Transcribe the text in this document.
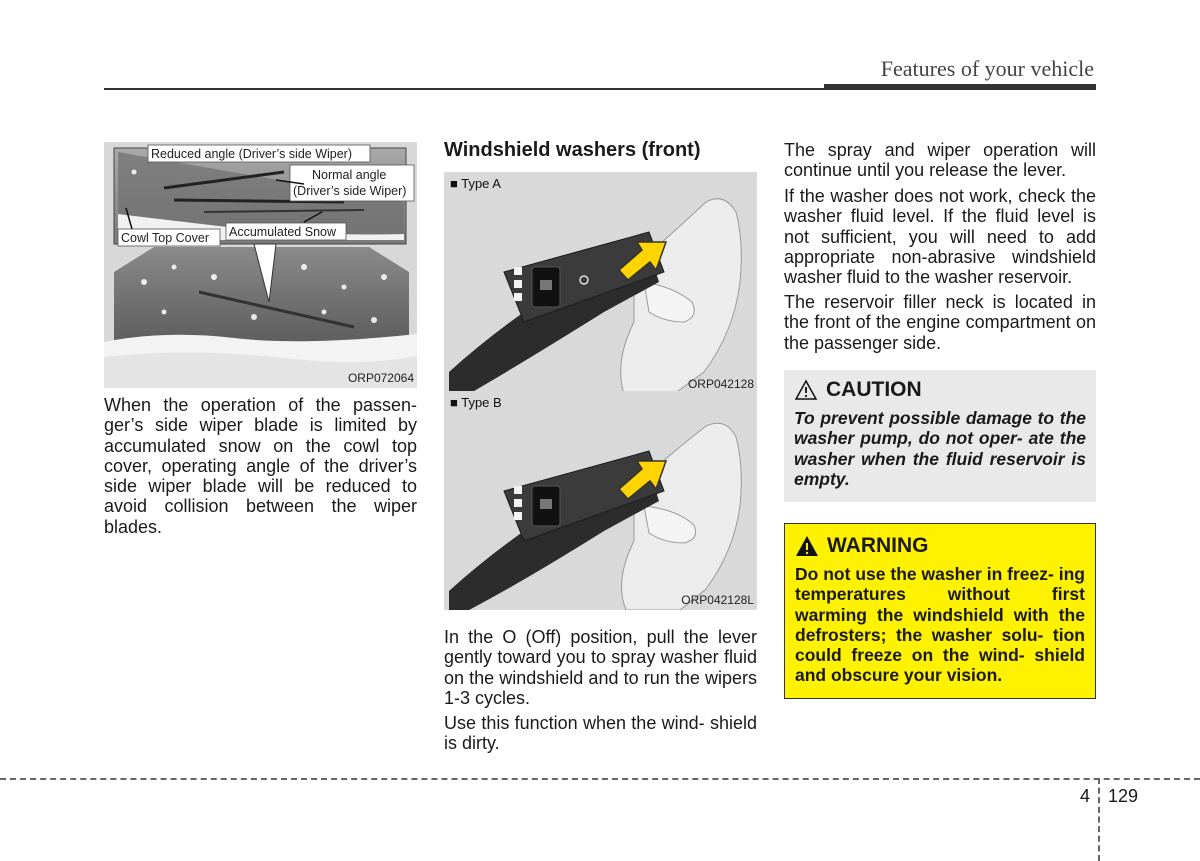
Features of your vehicle
Reduced angle (Driver’s side Wiper)
Normal angle
(Driver’s side Wiper)
Accumulated Snow
Cowl Top Cover
ORP072064

When the operation of the passen- ger’s side wiper blade is limited by accumulated snow on the cowl top cover, operating angle of the driver’s side wiper blade will be reduced to avoid collision between the wiper blades.

Windshield washers (front)
~
■ Type A
ORP042128
■ Type B
ORP042128L

In the O (Off) position, pull the lever gently toward you to spray washer fluid on the windshield and to run the wipers 1-3 cycles.

Use this function when the wind- shield is dirty.

The spray and wiper operation will continue until you release the lever.

If the washer does not work, check the washer fluid level. If the fluid level is not sufficient, you will need to add appropriate non-abrasive windshield washer fluid to the washer reservoir.

The reservoir filler neck is located in the front of the engine compartment on the passenger side.

CAUTION

To prevent possible damage to the washer pump, do not oper- ate the washer when the fluid reservoir is empty.

WARNING

Do not use the washer in freez- ing temperatures without first warming the windshield with the defrosters; the washer solu- tion could freeze on the wind- shield and obscure your vision.

4 129
